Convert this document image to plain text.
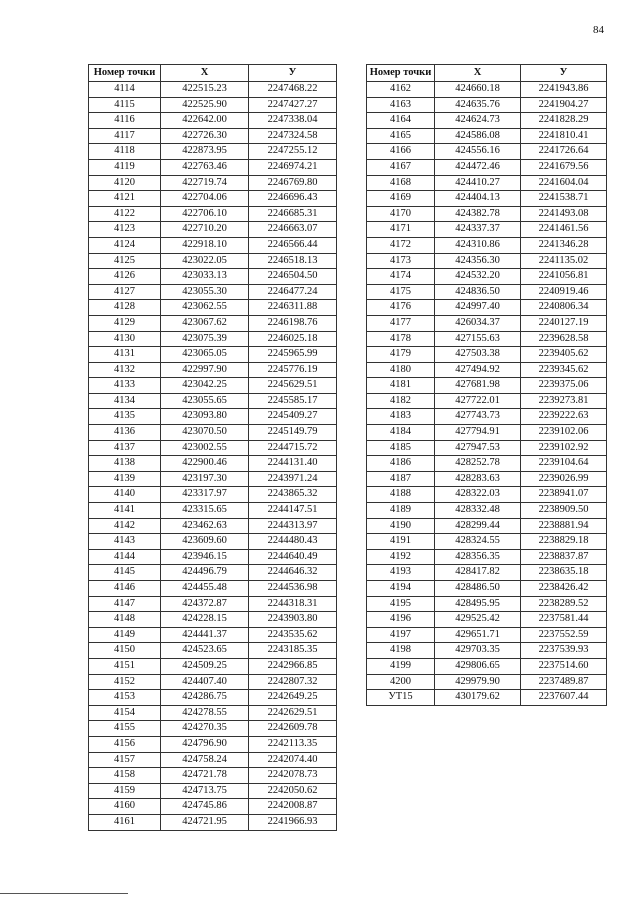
84
Номер точки	Х	У
4114	422515.23	2247468.22
4115	422525.90	2247427.27
4116	422642.00	2247338.04
4117	422726.30	2247324.58
4118	422873.95	2247255.12
4119	422763.46	2246974.21
4120	422719.74	2246769.80
4121	422704.06	2246696.43
4122	422706.10	2246685.31
4123	422710.20	2246663.07
4124	422918.10	2246566.44
4125	423022.05	2246518.13
4126	423033.13	2246504.50
4127	423055.30	2246477.24
4128	423062.55	2246311.88
4129	423067.62	2246198.76
4130	423075.39	2246025.18
4131	423065.05	2245965.99
4132	422997.90	2245776.19
4133	423042.25	2245629.51
4134	423055.65	2245585.17
4135	423093.80	2245409.27
4136	423070.50	2245149.79
4137	423002.55	2244715.72
4138	422900.46	2244131.40
4139	423197.30	2243971.24
4140	423317.97	2243865.32
4141	423315.65	2244147.51
4142	423462.63	2244313.97
4143	423609.60	2244480.43
4144	423946.15	2244640.49
4145	424496.79	2244646.32
4146	424455.48	2244536.98
4147	424372.87	2244318.31
4148	424228.15	2243903.80
4149	424441.37	2243535.62
4150	424523.65	2243185.35
4151	424509.25	2242966.85
4152	424407.40	2242807.32
4153	424286.75	2242649.25
4154	424278.55	2242629.51
4155	424270.35	2242609.78
4156	424796.90	2242113.35
4157	424758.24	2242074.40
4158	424721.78	2242078.73
4159	424713.75	2242050.62
4160	424745.86	2242008.87
4161	424721.95	2241966.93
Номер точки	Х	У
4162	424660.18	2241943.86
4163	424635.76	2241904.27
4164	424624.73	2241828.29
4165	424586.08	2241810.41
4166	424556.16	2241726.64
4167	424472.46	2241679.56
4168	424410.27	2241604.04
4169	424404.13	2241538.71
4170	424382.78	2241493.08
4171	424337.37	2241461.56
4172	424310.86	2241346.28
4173	424356.30	2241135.02
4174	424532.20	2241056.81
4175	424836.50	2240919.46
4176	424997.40	2240806.34
4177	426034.37	2240127.19
4178	427155.63	2239628.58
4179	427503.38	2239405.62
4180	427494.92	2239345.62
4181	427681.98	2239375.06
4182	427722.01	2239273.81
4183	427743.73	2239222.63
4184	427794.91	2239102.06
4185	427947.53	2239102.92
4186	428252.78	2239104.64
4187	428283.63	2239026.99
4188	428322.03	2238941.07
4189	428332.48	2238909.50
4190	428299.44	2238881.94
4191	428324.55	2238829.18
4192	428356.35	2238837.87
4193	428417.82	2238635.18
4194	428486.50	2238426.42
4195	428495.95	2238289.52
4196	429525.42	2237581.44
4197	429651.71	2237552.59
4198	429703.35	2237539.93
4199	429806.65	2237514.60
4200	429979.90	2237489.87
УТ15	430179.62	2237607.44
